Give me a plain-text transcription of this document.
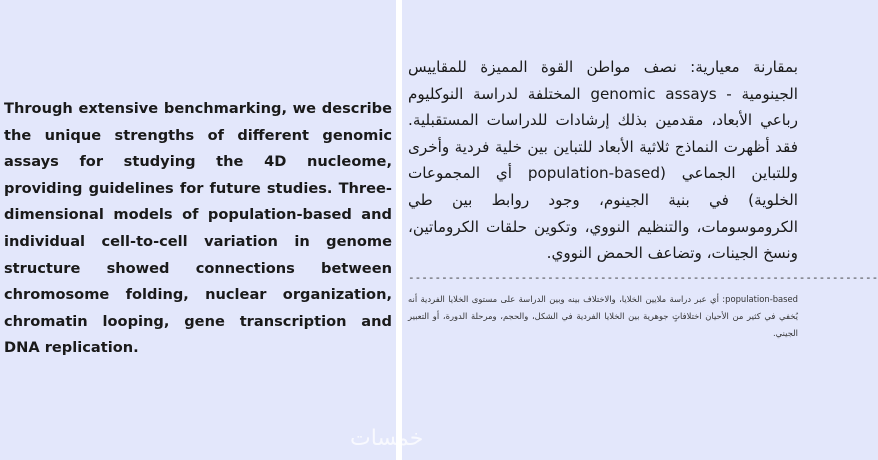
Through extensive benchmarking, we describe the unique strengths of different genomic assays for studying the 4D nucleome, providing guidelines for future studies. Three-dimensional models of population-based and individual cell-to-cell variation in genome structure showed connections between chromosome folding, nuclear organization, chromatin looping, gene transcription and DNA replication.

بمقارنة معيارية: نصف مواطن القوة المميزة للمقاييس الجينومية - genomic assays المختلفة لدراسة النوكليوم رباعي الأبعاد، مقدمين بذلك إرشادات للدراسات المستقبلية. فقد أظهرت النماذج ثلاثية الأبعاد للتباين بين خلية فردية وأخرى وللتباين الجماعي (population-based أي المجموعات الخلوية) في بنية الجينوم، وجود روابط بين طي الكروموسومات، والتنظيم النووي، وتكوين حلقات الكروماتين، ونسخ الجينات، وتضاعف الحمض النووي.

-----------------------------------------------------------------------

population-based: أي عبر دراسة ملايين الخلايا، والاختلاف بينه وبين الدراسة على مستوى الخلايا الفردية أنه يُخفي في كثير من الأحيان اختلافاتٍ جوهرية بين الخلايا الفردية في الشكل، والحجم، ومرحلة الدورة، أو التعبير الجيني.

خمسات
